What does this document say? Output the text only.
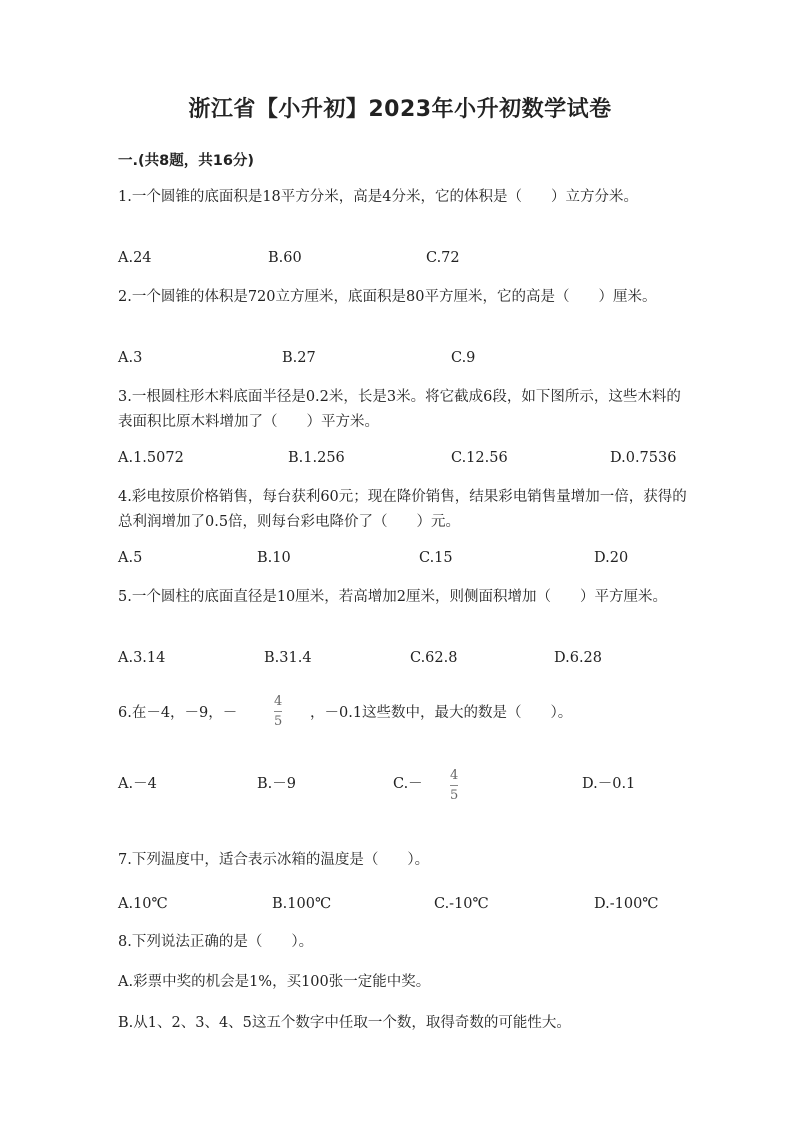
浙江省【小升初】2023年小升初数学试卷
一.(共8题，共16分)
1.一个圆锥的底面积是18平方分米，高是4分米，它的体积是（　　）立方分米。
A.24	B.60	C.72
2.一个圆锥的体积是720立方厘米，底面积是80平方厘米，它的高是（　　）厘米。
A.3	B.27	C.9
3.一根圆柱形木料底面半径是0.2米，长是3米。将它截成6段，如下图所示，这些木料的表面积比原木料增加了（　　）平方米。
A.1.5072	B.1.256	C.12.56	D.0.7536
4.彩电按原价格销售，每台获利60元；现在降价销售，结果彩电销售量增加一倍，获得的总利润增加了0.5倍，则每台彩电降价了（　　）元。
A.5	B.10	C.15	D.20
5.一个圆柱的底面直径是10厘米，若高增加2厘米，则侧面积增加（　　）平方厘米。
A.3.14	B.31.4	C.62.8	D.6.28
6.在－4，－9，－	$\frac{4}{5}$ ，－0.1这些数中，最大的数是（　　）。
A.－4	B.－9	$C.- \frac{4}{5}$	D.－0.1
7.下列温度中，适合表示冰箱的温度是（　　）。
A.10℃	B.100℃	C.-10℃	D.-100℃
8.下列说法正确的是（　　）。
A.彩票中奖的机会是1%，买100张一定能中奖。
B.从1、2、3、4、5这五个数字中任取一个数，取得奇数的可能性大。
